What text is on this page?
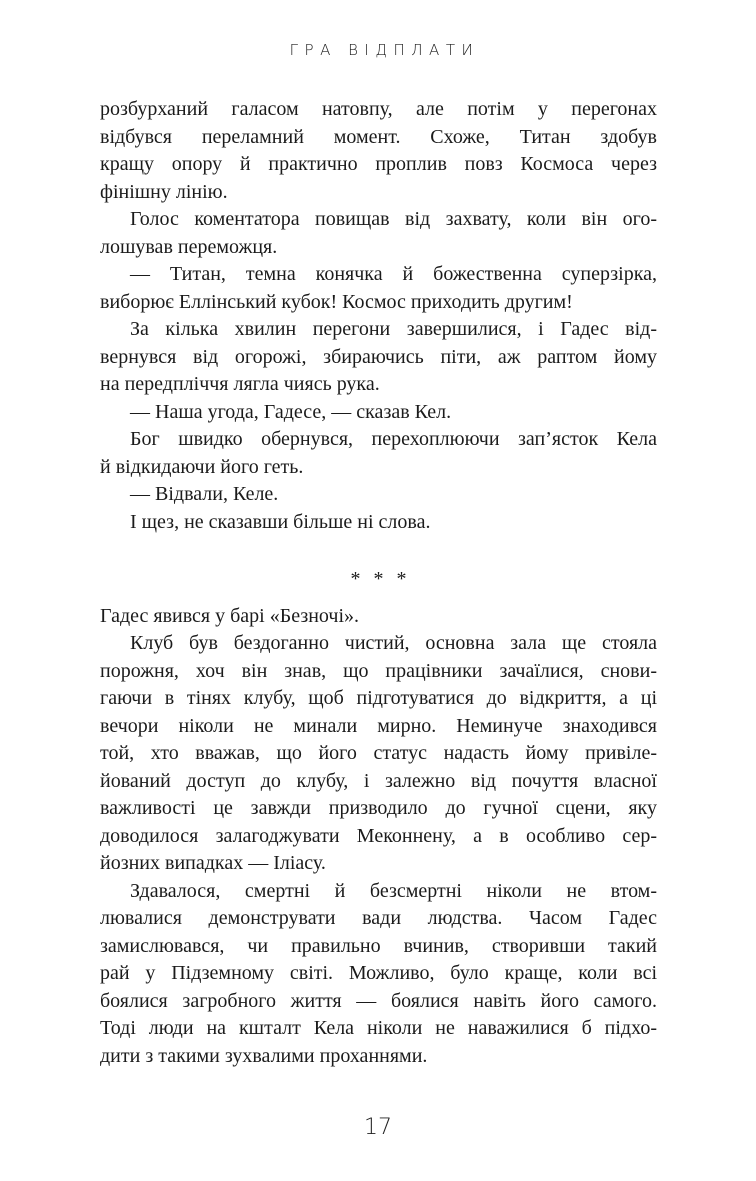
ГРА ВІДПЛАТИ

розбурханий галасом натовпу, але потім у перегонах
відбувся переламний момент. Схоже, Титан здобув
кращу опору й практично проплив повз Космоса через
фінішну лінію.

Голос коментатора повищав від захвату, коли він ого-
лошував переможця.

— Титан, темна конячка й божественна суперзірка,
виборює Еллінський кубок! Космос приходить другим!

За кілька хвилин перегони завершилися, і Гадес від-
вернувся від огорожі, збираючись піти, аж раптом йому
на передпліччя лягла чиясь рука.

— Наша угода, Гадесе, — сказав Кел.

Бог швидко обернувся, перехоплюючи зап’ясток Кела
й відкидаючи його геть.

— Відвали, Келе.

І щез, не сказавши більше ні слова.

* * *

Гадес явився у барі «Безночі».

Клуб був бездоганно чистий, основна зала ще стояла
порожня, хоч він знав, що працівники зачаїлися, снови-
гаючи в тінях клубу, щоб підготуватися до відкриття, а ці
вечори ніколи не минали мирно. Неминуче знаходився
той, хто вважав, що його статус надасть йому привіле-
йований доступ до клубу, і залежно від почуття власної
важливості це завжди призводило до гучної сцени, яку
доводилося залагоджувати Меконнену, а в особливо сер-
йозних випадках — Іліасу.

Здавалося, смертні й безсмертні ніколи не втом-
лювалися демонструвати вади людства. Часом Гадес
замислювався, чи правильно вчинив, створивши такий
рай у Підземному світі. Можливо, було краще, коли всі
боялися загробного життя — боялися навіть його самого.
Тоді люди на кшталт Кела ніколи не наважилися б підхо-
дити з такими зухвалими проханнями.

17
